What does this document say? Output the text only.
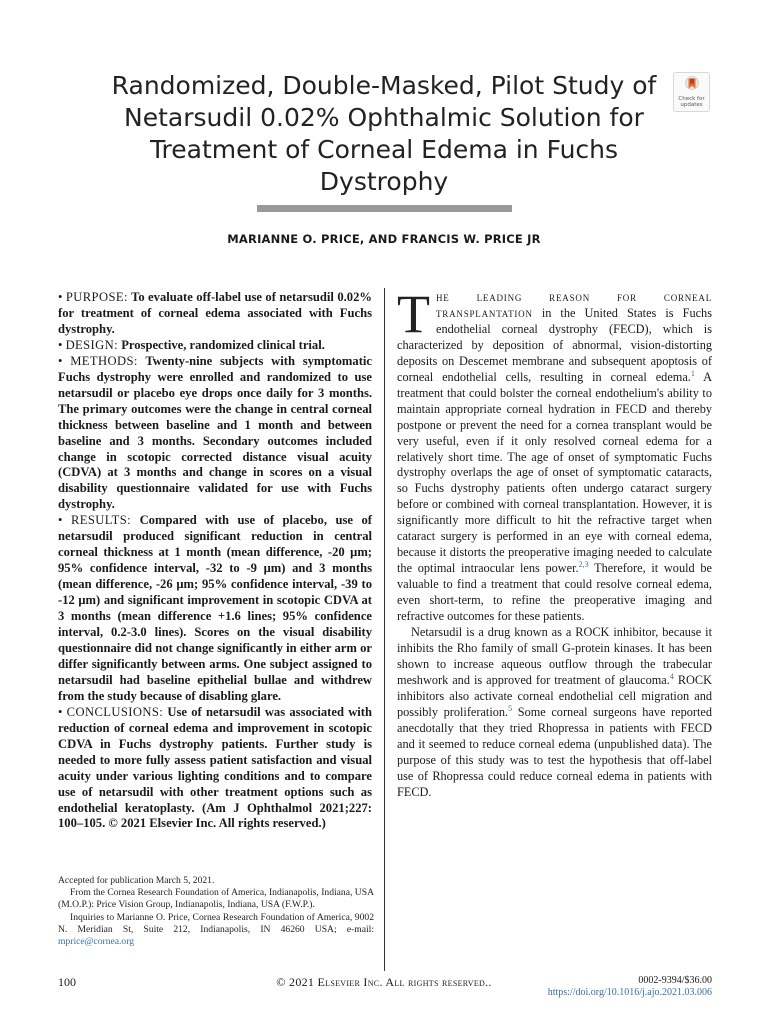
Randomized, Double-Masked, Pilot Study of Netarsudil 0.02% Ophthalmic Solution for Treatment of Corneal Edema in Fuchs Dystrophy
Check for updates
MARIANNE O. PRICE, AND FRANCIS W. PRICE JR

• PURPOSE: To evaluate off-label use of netarsudil 0.02% for treatment of corneal edema associated with Fuchs dystrophy.

• DESIGN: Prospective, randomized clinical trial.

• METHODS: Twenty-nine subjects with symptomatic Fuchs dystrophy were enrolled and randomized to use netarsudil or placebo eye drops once daily for 3 months. The primary outcomes were the change in central corneal thickness between baseline and 1 month and between baseline and 3 months. Secondary outcomes included change in scotopic corrected distance visual acuity (CDVA) at 3 months and change in scores on a visual disability questionnaire validated for use with Fuchs dystrophy.

• RESULTS: Compared with use of placebo, use of netarsudil produced significant reduction in central corneal thickness at 1 month (mean difference, -20 μm; 95% confidence interval, -32 to -9 μm) and 3 months (mean difference, -26 μm; 95% confidence interval, -39 to -12 μm) and significant improvement in scotopic CDVA at 3 months (mean difference +1.6 lines; 95% confidence interval, 0.2-3.0 lines). Scores on the visual disability questionnaire did not change significantly in either arm or differ significantly between arms. One subject assigned to netarsudil had baseline epithelial bullae and withdrew from the study because of disabling glare.

• CONCLUSIONS: Use of netarsudil was associated with reduction of corneal edema and improvement in scotopic CDVA in Fuchs dystrophy patients. Further study is needed to more fully assess patient satisfaction and visual acuity under various lighting conditions and to compare use of netarsudil with other treatment options such as endothelial keratoplasty. (Am J Ophthalmol 2021;227: 100–105. © 2021 Elsevier Inc. All rights reserved.)

The leading reason for corneal transplantation in the United States is Fuchs endothelial corneal dystrophy (FECD), which is characterized by deposition of abnormal, vision-distorting deposits on Descemet membrane and subsequent apoptosis of corneal endothelial cells, resulting in corneal edema.$^1$ A treatment that could bolster the corneal endothelium's ability to maintain appropriate corneal hydration in FECD and thereby postpone or prevent the need for a cornea transplant would be very useful, even if it only resolved corneal edema for a relatively short time. The age of onset of symptomatic Fuchs dystrophy overlaps the age of onset of symptomatic cataracts, so Fuchs dystrophy patients often undergo cataract surgery before or combined with corneal transplantation. However, it is significantly more difficult to hit the refractive target when cataract surgery is performed in an eye with corneal edema, because it distorts the preoperative imaging needed to calculate the optimal intraocular lens power.$^{2,3}$ Therefore, it would be valuable to find a treatment that could resolve corneal edema, even short-term, to refine the preoperative imaging and refractive outcomes for these patients.

Netarsudil is a drug known as a ROCK inhibitor, because it inhibits the Rho family of small G-protein kinases. It has been shown to increase aqueous outflow through the trabecular meshwork and is approved for treatment of glaucoma.$^4$ ROCK inhibitors also activate corneal endothelial cell migration and possibly proliferation.$^5$ Some corneal surgeons have reported anecdotally that they tried Rhopressa in patients with FECD and it seemed to reduce corneal edema (unpublished data). The purpose of this study was to test the hypothesis that off-label use of Rhopressa could reduce corneal edema in patients with FECD.

Accepted for publication March 5, 2021.

From the Cornea Research Foundation of America, Indianapolis, Indiana, USA (M.O.P.): Price Vision Group, Indianapolis, Indiana, USA (F.W.P.).

Inquiries to Marianne O. Price, Cornea Research Foundation of America, 9002 N. Meridian St, Suite 212, Indianapolis, IN 46260 USA; e-mail: mprice@cornea.org

100	© 2021 Elsevier Inc. All rights reserved..	0002-9394/$36.00
https://doi.org/10.1016/j.ajo.2021.03.006
